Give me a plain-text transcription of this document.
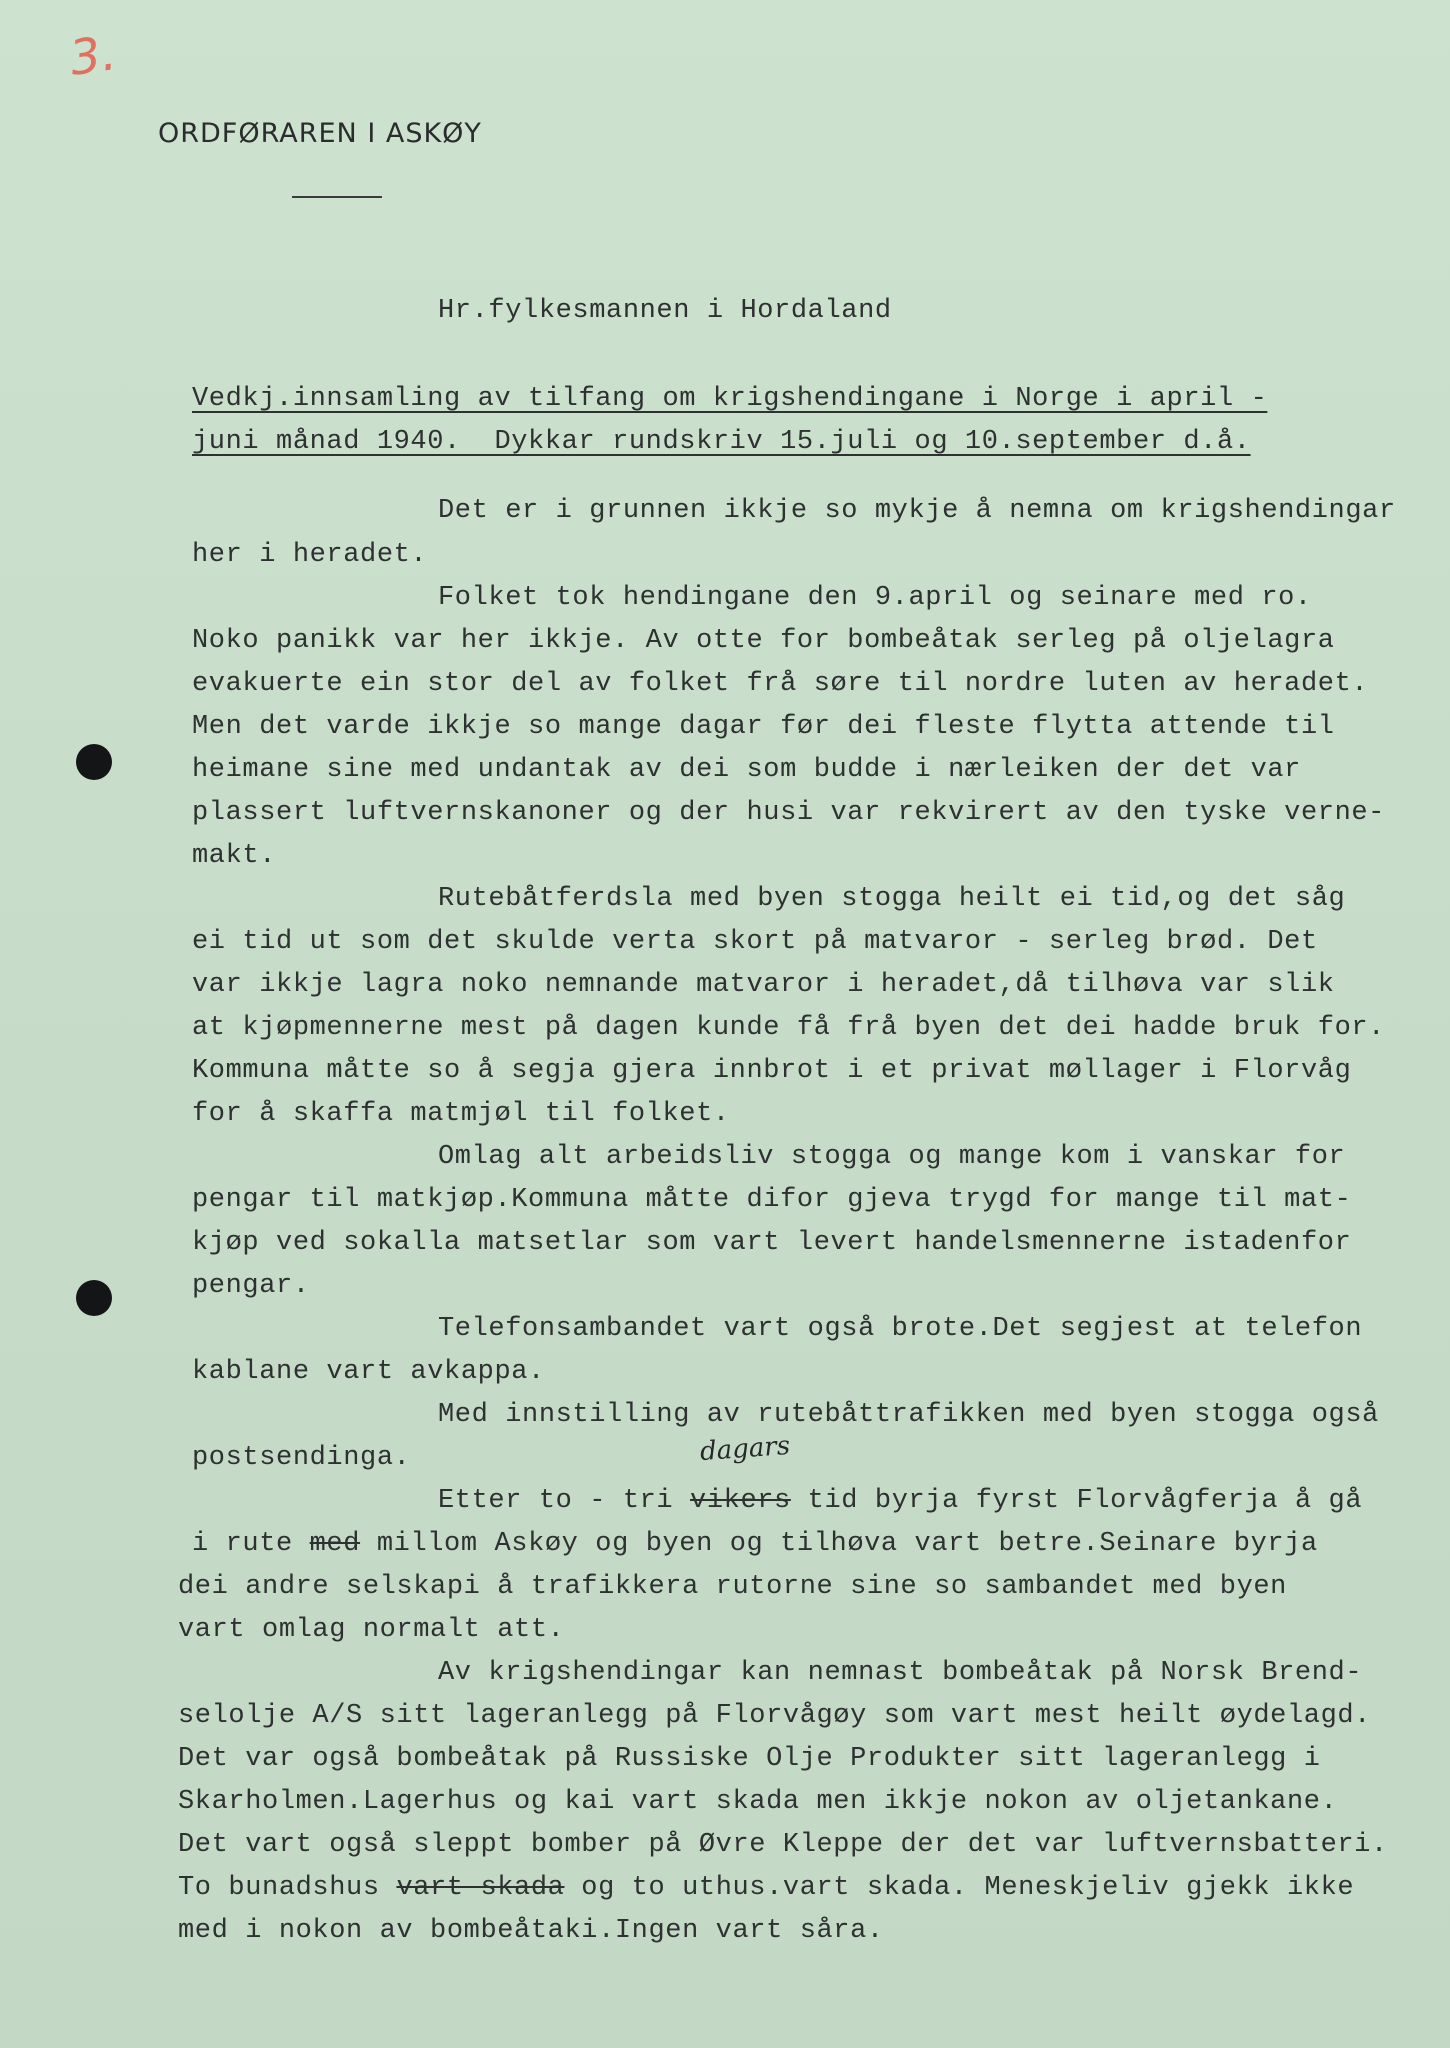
3.
ORDFØRAREN I ASKØY
Hr.fylkesmannen i Hordaland
Vedkj.innsamling av tilfang om krigshendingane i Norge i april -
juni månad 1940.  Dykkar rundskriv 15.juli og 10.september d.å.
Det er i grunnen ikkje so mykje å nemna om krigshendingar
her i heradet.
Folket tok hendingane den 9.april og seinare med ro.
Noko panikk var her ikkje. Av otte for bombeåtak serleg på oljelagra
evakuerte ein stor del av folket frå søre til nordre luten av heradet.
Men det varde ikkje so mange dagar før dei fleste flytta attende til
heimane sine med undantak av dei som budde i nærleiken der det var
plassert luftvernskanoner og der husi var rekvirert av den tyske verne-
makt.
Rutebåtferdsla med byen stogga heilt ei tid,og det såg
ei tid ut som det skulde verta skort på matvaror - serleg brød. Det
var ikkje lagra noko nemnande matvaror i heradet,då tilhøva var slik
at kjøpmennerne mest på dagen kunde få frå byen det dei hadde bruk for.
Kommuna måtte so å segja gjera innbrot i et privat møllager i Florvåg
for å skaffa matmjøl til folket.
Omlag alt arbeidsliv stogga og mange kom i vanskar for
pengar til matkjøp.Kommuna måtte difor gjeva trygd for mange til mat-
kjøp ved sokalla matsetlar som vart levert handelsmennerne istadenfor
pengar.
Telefonsambandet vart også brote.Det segjest at telefon
kablane vart avkappa.
Med innstilling av rutebåttrafikken med byen stogga også
postsendinga.	dagars
Etter to - tri vikers tid byrja fyrst Florvågferja å gå
i rute med millom Askøy og byen og tilhøva vart betre.Seinare byrja
dei andre selskapi å trafikkera rutorne sine so sambandet med byen
vart omlag normalt att.
Av krigshendingar kan nemnast bombeåtak på Norsk Brend-
selolje A/S sitt lageranlegg på Florvågøy som vart mest heilt øydelagd.
Det var også bombeåtak på Russiske Olje Produkter sitt lageranlegg i
Skarholmen.Lagerhus og kai vart skada men ikkje nokon av oljetankane.
Det vart også sleppt bomber på Øvre Kleppe der det var luftvernsbatteri.
To bunadshus vart skada og to uthus.vart skada. Meneskjeliv gjekk ikke
med i nokon av bombeåtaki.Ingen vart såra.
